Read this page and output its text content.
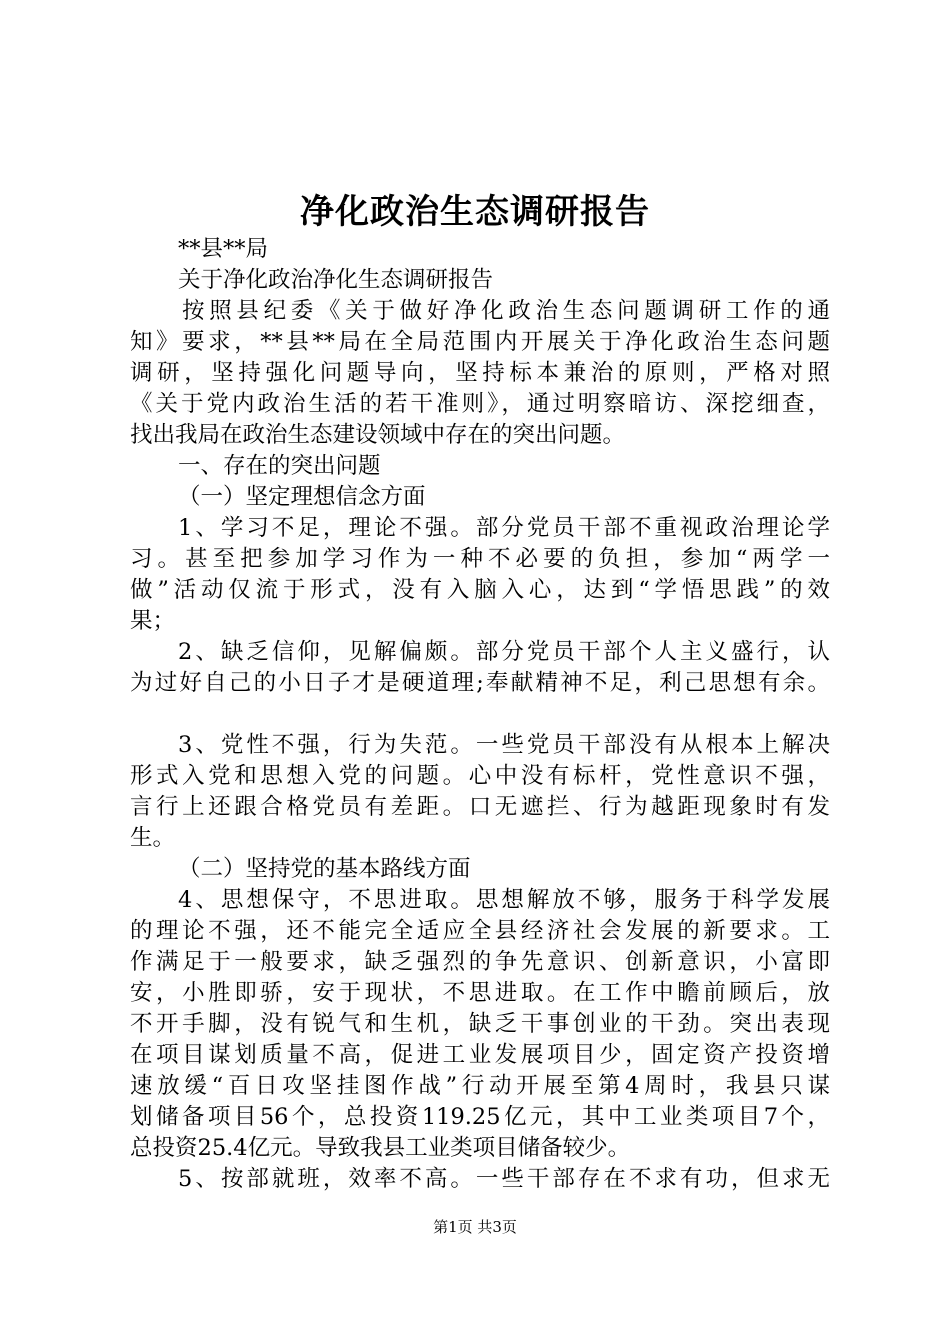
净化政治生态调研报告
**县**局
关于净化政治净化生态调研报告
按照县纪委《关于做好净化政治生态问题调研工作的通
知》要求，**县**局在全局范围内开展关于净化政治生态问题
调研，坚持强化问题导向，坚持标本兼治的原则，严格对照
《关于党内政治生活的若干准则》，通过明察暗访、深挖细查，
找出我局在政治生态建设领域中存在的突出问题。
一、存在的突出问题
（一）坚定理想信念方面
1、学习不足，理论不强。部分党员干部不重视政治理论学
习。甚至把参加学习作为一种不必要的负担，参加“两学一
做”活动仅流于形式，没有入脑入心，达到“学悟思践”的效
果；
2、缺乏信仰，见解偏颇。部分党员干部个人主义盛行，认
为过好自己的小日子才是硬道理;奉献精神不足，利己思想有余。
3、党性不强，行为失范。一些党员干部没有从根本上解决
形式入党和思想入党的问题。心中没有标杆，党性意识不强，
言行上还跟合格党员有差距。口无遮拦、行为越距现象时有发
生。
（二）坚持党的基本路线方面
4、思想保守，不思进取。思想解放不够，服务于科学发展
的理论不强，还不能完全适应全县经济社会发展的新要求。工
作满足于一般要求，缺乏强烈的争先意识、创新意识，小富即
安，小胜即骄，安于现状，不思进取。在工作中瞻前顾后，放
不开手脚，没有锐气和生机，缺乏干事创业的干劲。突出表现
在项目谋划质量不高，促进工业发展项目少，固定资产投资增
速放缓“百日攻坚挂图作战”行动开展至第4周时，我县只谋
划储备项目56个，总投资119.25亿元，其中工业类项目7个，
总投资25.4亿元。导致我县工业类项目储备较少。
5、按部就班，效率不高。一些干部存在不求有功，但求无
第1页 共3页
